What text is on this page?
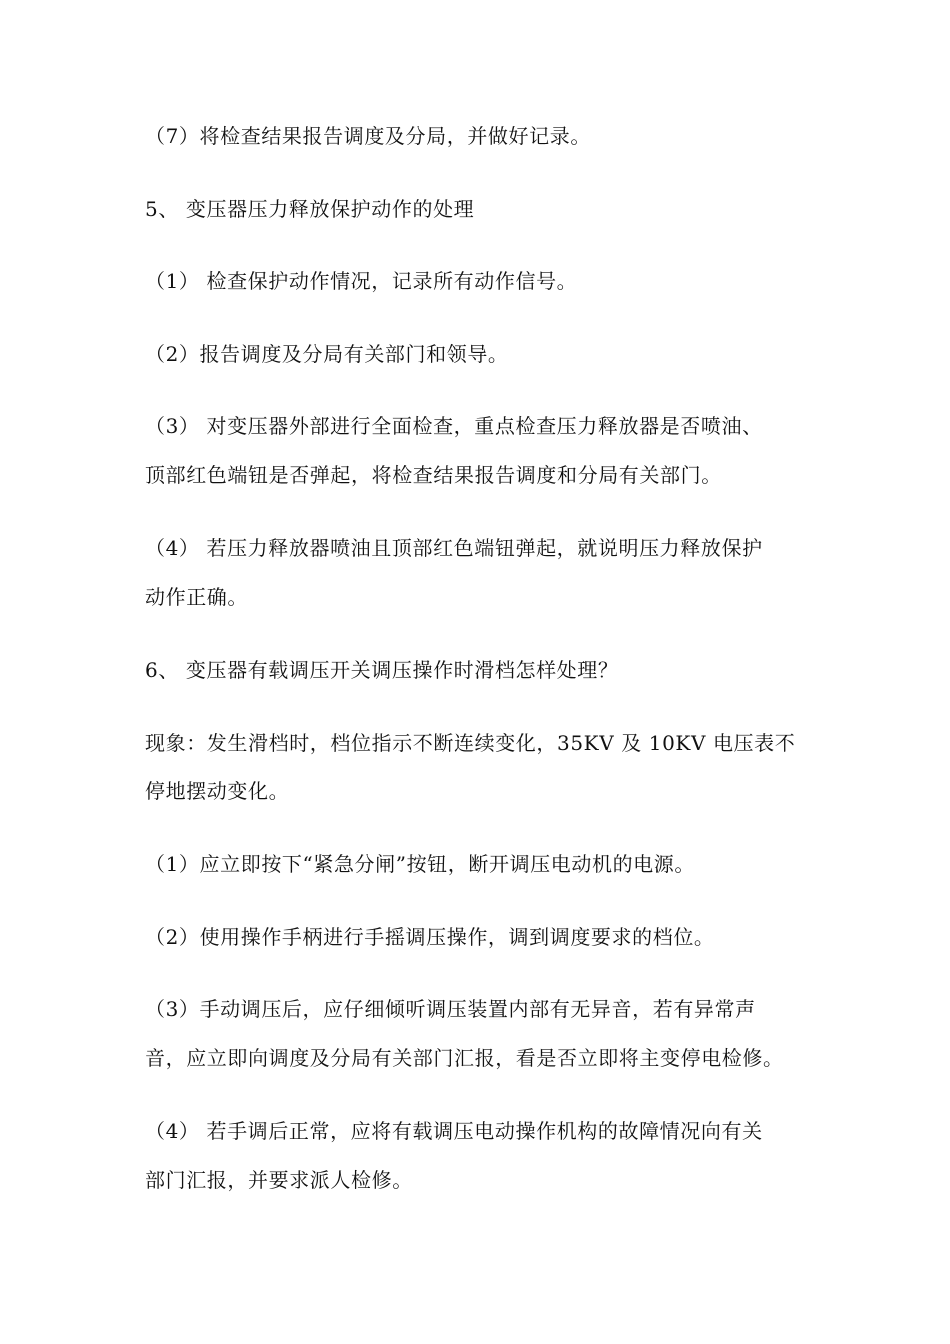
（7）将检查结果报告调度及分局，并做好记录。
5、 变压器压力释放保护动作的处理
（1） 检查保护动作情况，记录所有动作信号。
（2）报告调度及分局有关部门和领导。
（3） 对变压器外部进行全面检查，重点检查压力释放器是否喷油、
顶部红色端钮是否弹起，将检查结果报告调度和分局有关部门。
（4） 若压力释放器喷油且顶部红色端钮弹起，就说明压力释放保护
动作正确。
6、 变压器有载调压开关调压操作时滑档怎样处理？
现象：发生滑档时，档位指示不断连续变化，35KV 及 10KV 电压表不
停地摆动变化。
（1）应立即按下“紧急分闸”按钮，断开调压电动机的电源。
（2）使用操作手柄进行手摇调压操作，调到调度要求的档位。
（3）手动调压后，应仔细倾听调压装置内部有无异音，若有异常声
音，应立即向调度及分局有关部门汇报，看是否立即将主变停电检修。
（4） 若手调后正常，应将有载调压电动操作机构的故障情况向有关
部门汇报，并要求派人检修。
